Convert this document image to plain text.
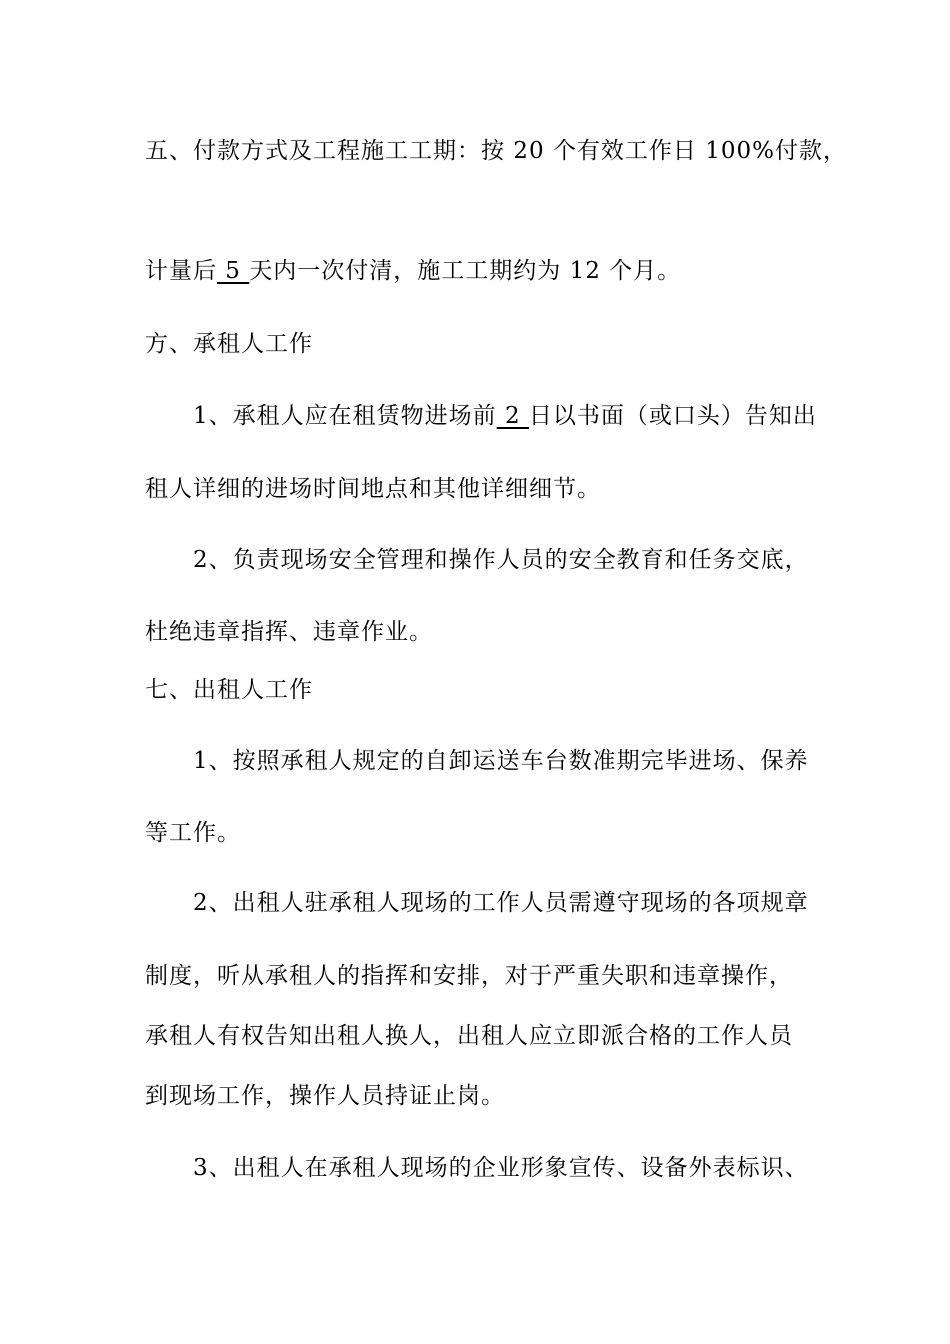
五、付款方式及工程施工工期：按 20 个有效工作日 100%付款，
计量后 5 天内一次付清，施工工期约为 12 个月。
方、承租人工作
1、承租人应在租赁物进场前 2 日以书面（或口头）告知出
租人详细的进场时间地点和其他详细细节。
2、负责现场安全管理和操作人员的安全教育和任务交底，
杜绝违章指挥、违章作业。
七、出租人工作
1、按照承租人规定的自卸运送车台数准期完毕进场、保养
等工作。
2、出租人驻承租人现场的工作人员需遵守现场的各项规章
制度，听从承租人的指挥和安排，对于严重失职和违章操作，
承租人有权告知出租人换人，出租人应立即派合格的工作人员
到现场工作，操作人员持证止岗。
3、出租人在承租人现场的企业形象宣传、设备外表标识、
